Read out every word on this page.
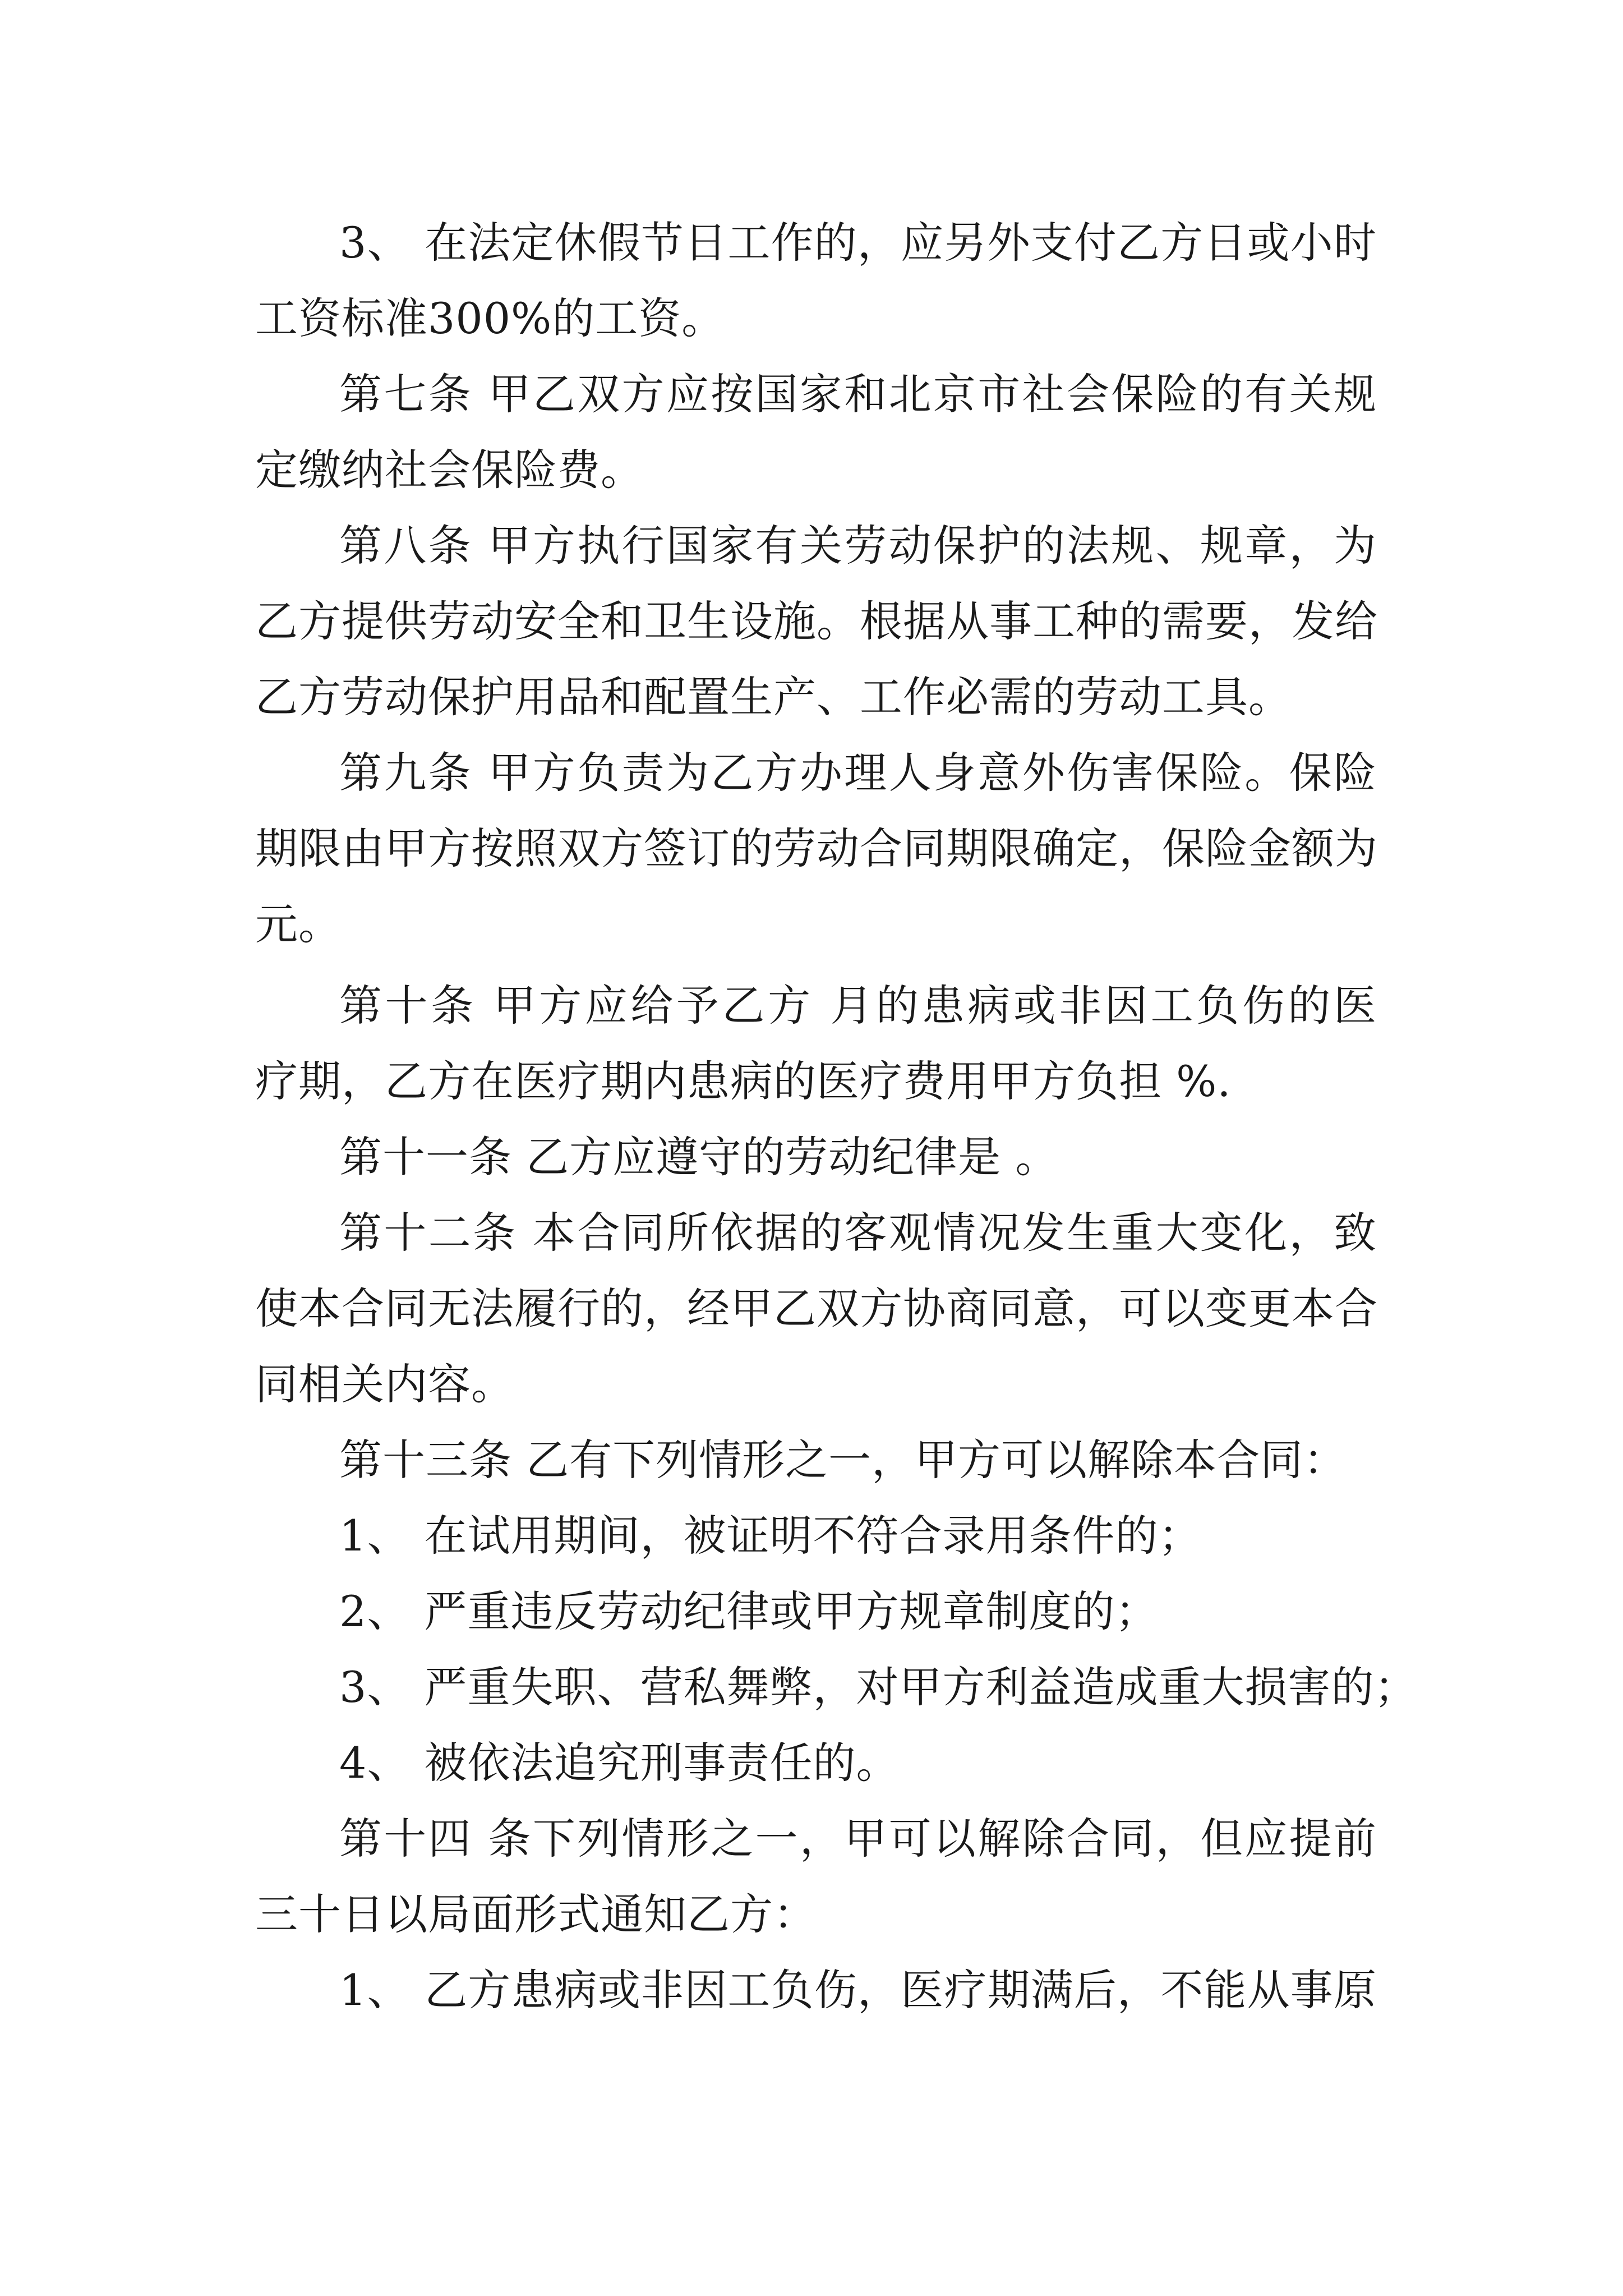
3、 在法定休假节日工作的，应另外支付乙方日或小时
工资标准300%的工资。
第七条 甲乙双方应按国家和北京市社会保险的有关规
定缴纳社会保险费。
第八条 甲方执行国家有关劳动保护的法规、规章，为
乙方提供劳动安全和卫生设施。根据从事工种的需要，发给
乙方劳动保护用品和配置生产、工作必需的劳动工具。
第九条 甲方负责为乙方办理人身意外伤害保险。保险
期限由甲方按照双方签订的劳动合同期限确定，保险金额为
元。
第十条 甲方应给予乙方 月的患病或非因工负伤的医
疗期，乙方在医疗期内患病的医疗费用甲方负担 %.
第十一条 乙方应遵守的劳动纪律是 。
第十二条 本合同所依据的客观情况发生重大变化，致
使本合同无法履行的，经甲乙双方协商同意，可以变更本合
同相关内容。
第十三条 乙有下列情形之一，甲方可以解除本合同：
1、 在试用期间，被证明不符合录用条件的；
2、 严重违反劳动纪律或甲方规章制度的；
3、 严重失职、营私舞弊，对甲方利益造成重大损害的；
4、 被依法追究刑事责任的。
第十四 条下列情形之一，甲可以解除合同，但应提前
三十日以局面形式通知乙方：
1、 乙方患病或非因工负伤，医疗期满后，不能从事原
